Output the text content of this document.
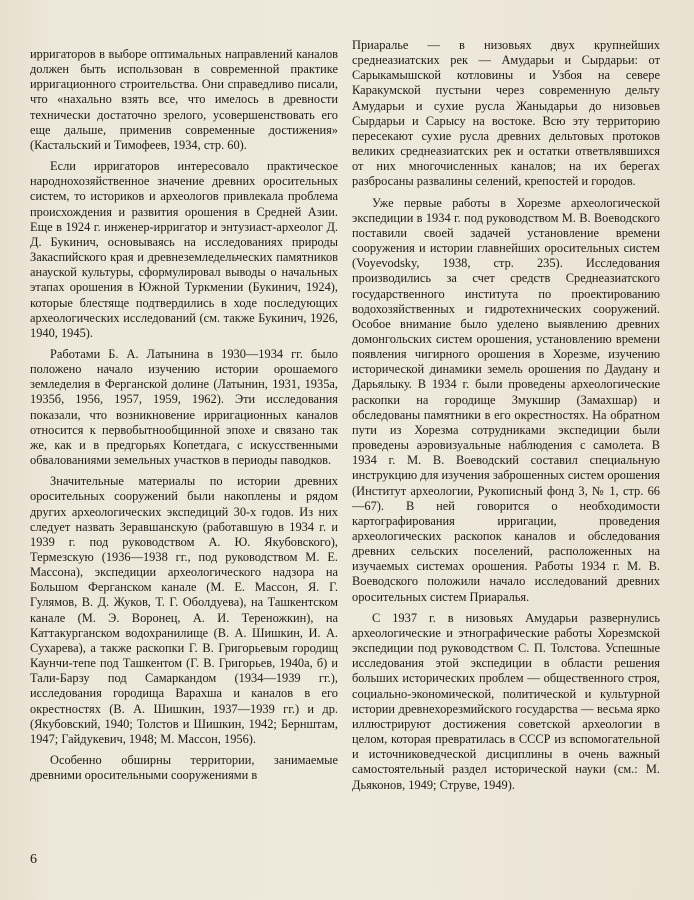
ирригаторов в выборе оптимальных направлений каналов должен быть использован в современной практике ирригационного строительства. Они справедливо писали, что «нахально взять все, что имелось в древности технически достаточно зрелого, усовершенствовать его еще дальше, применив современные достижения» (Кастальский и Тимофеев, 1934, стр. 60).

Если ирригаторов интересовало практическое народнохозяйственное значение древних оросительных систем, то историков и археологов привлекала проблема происхождения и развития орошения в Средней Азии. Еще в 1924 г. инженер-ирригатор и энтузиаст-археолог Д. Д. Букинич, основываясь на исследованиях природы Закаспийского края и древнеземледельческих памятников анауской культуры, сформулировал выводы о начальных этапах орошения в Южной Туркмении (Букинич, 1924), которые блестяще подтвердились в ходе последующих археологических исследований (см. также Букинич, 1926, 1940, 1945).

Работами Б. А. Латынина в 1930—1934 гг. было положено начало изучению истории орошаемого земледелия в Ферганской долине (Латынин, 1931, 1935а, 1935б, 1956, 1957, 1959, 1962). Эти исследования показали, что возникновение ирригационных каналов относится к первобытнообщинной эпохе и связано так же, как и в предгорьях Копетдага, с искусственными обвалованиями земельных участков в периоды паводков.

Значительные материалы по истории древних оросительных сооружений были накоплены и рядом других археологических экспедиций 30-х годов. Из них следует назвать Зеравшанскую (работавшую в 1934 г. и 1939 г. под руководством А. Ю. Якубовского), Термезскую (1936—1938 гг., под руководством М. Е. Массона), экспедиции археологического надзора на Большом Ферганском канале (М. Е. Массон, Я. Г. Гулямов, В. Д. Жуков, Т. Г. Оболдуева), на Ташкентском канале (М. Э. Воронец, А. И. Тереножкин), на Каттакурганском водохранилище (В. А. Шишкин, И. А. Сухарева), а также раскопки Г. В. Григорьевым городищ Каунчи-тепе под Ташкентом (Г. В. Григорьев, 1940а, б) и Тали-Барзу под Самаркандом (1934—1939 гг.), исследования городища Варахша и каналов в его окрестностях (В. А. Шишкин, 1937—1939 гг.) и др. (Якубовский, 1940; Толстов и Шишкин, 1942; Бернштам, 1947; Гайдукевич, 1948; М. Массон, 1956).

Особенно обширны территории, занимаемые древними оросительными сооружениями в

Приаралье — в низовьях двух крупнейших среднеазиатских рек — Амударьи и Сырдарьи: от Сарыкамышской котловины и Узбоя на севере Каракумской пустыни через современную дельту Амударьи и сухие русла Жаныдарьи до низовьев Сырдарьи и Сарысу на востоке. Всю эту территорию пересекают сухие русла древних дельтовых протоков великих среднеазиатских рек и остатки ответвлявшихся от них многочисленных каналов; на их берегах разбросаны развалины селений, крепостей и городов.

Уже первые работы в Хорезме археологической экспедиции в 1934 г. под руководством М. В. Воеводского поставили своей задачей установление времени сооружения и истории главнейших оросительных систем (Voyevodsky, 1938, стр. 235). Исследования производились за счет средств Среднеазиатского государственного института по проектированию водохозяйственных и гидротехнических сооружений. Особое внимание было уделено выявлению древних домонгольских систем орошения, установлению времени появления чигирного орошения в Хорезме, изучению исторической динамики земель орошения по Даудану и Дарьялыку. В 1934 г. были проведены археологические раскопки на городище Змукшир (Замахшар) и обследованы памятники в его окрестностях. На обратном пути из Хорезма сотрудниками экспедиции были проведены аэровизуальные наблюдения с самолета. В 1934 г. М. В. Воеводский составил специальную инструкцию для изучения заброшенных систем орошения (Институт археологии, Рукописный фонд 3, № 1, стр. 66—67). В ней говорится о необходимости картографирования ирригации, проведения археологических раскопок каналов и обследования древних сельских поселений, расположенных на изучаемых системах орошения. Работы 1934 г. М. В. Воеводского положили начало исследований древних оросительных систем Приаралья.

С 1937 г. в низовьях Амударьи развернулись археологические и этнографические работы Хорезмской экспедиции под руководством С. П. Толстова. Успешные исследования этой экспедиции в области решения больших исторических проблем — общественного строя, социально-экономической, политической и культурной истории древнехорезмийского государства — весьма ярко иллюстрируют достижения советской археологии в целом, которая превратилась в СССР из вспомогательной и источниковедческой дисциплины в очень важный самостоятельный раздел исторической науки (см.: М. Дьяконов, 1949; Струве, 1949).

6
